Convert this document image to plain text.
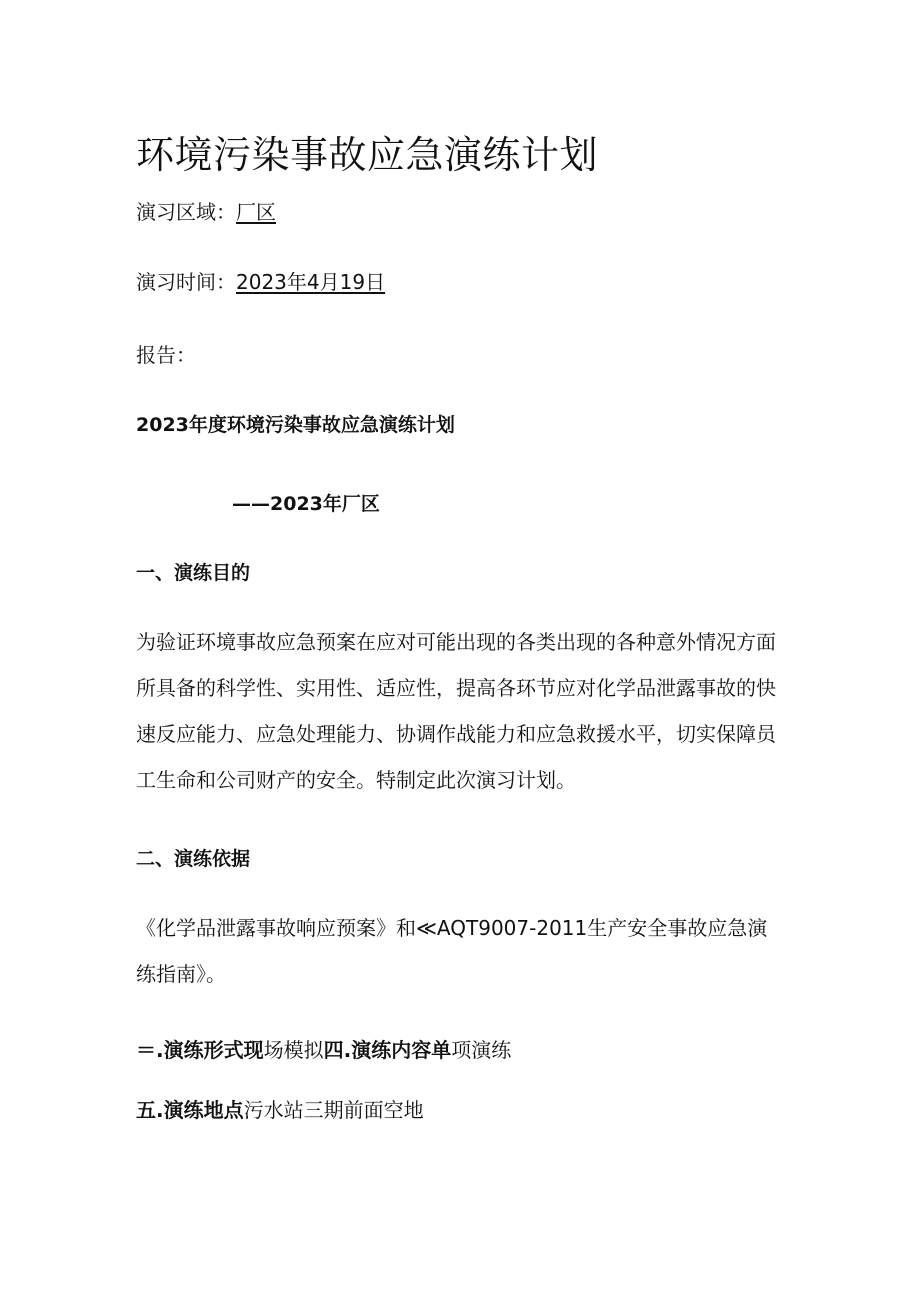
环境污染事故应急演练计划
演习区域：厂区
演习时间：2023年4月19日
报告：
2023年度环境污染事故应急演练计划
——2023年厂区
一、演练目的
为验证环境事故应急预案在应对可能出现的各类出现的各种意外情况方面
所具备的科学性、实用性、适应性，提高各环节应对化学品泄露事故的快
速反应能力、应急处理能力、协调作战能力和应急救援水平，切实保障员
工生命和公司财产的安全。特制定此次演习计划。
二、演练依据
《化学品泄露事故响应预案》和≪AQT9007-2011生产安全事故应急演
练指南》。
＝.演练形式现场模拟四.演练内容单项演练
五.演练地点污水站三期前面空地
